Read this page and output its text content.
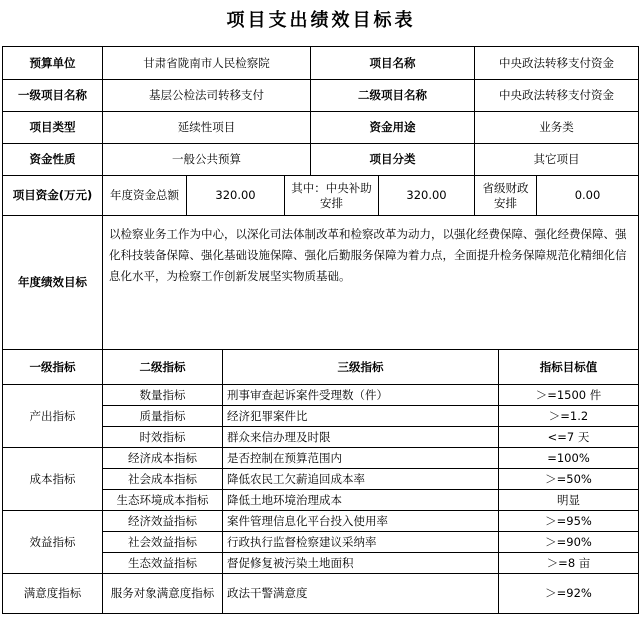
项目支出绩效目标表
预算单位	甘肃省陇南市人民检察院				项目名称		中央政法转移支付资金		
一级项目名称	基层公检法司转移支付				二级项目名称		中央政法转移支付资金		
项目类型	延续性项目				资金用途		业务类		
资金性质	一般公共预算				项目分类		其它项目		
项目资金(万元)	年度资金总额	320.00		其中：中央补助安排		320.00	省级财政安排		0.00
年度绩效目标	以检察业务工作为中心，以深化司法体制改革和检察改革为动力，以强化经费保障、强化经费保障、强化科技装备保障、强化基础设施保障、强化后勤服务保障为着力点，全面提升检务保障规范化精细化信息化水平，为检察工作创新发展坚实物质基础。								
一级指标	二级指标		三级指标					指标目标值	
产出指标	数量指标		刑事审查起诉案件受理数（件）					＞=1500 件	
	质量指标		经济犯罪案件比					＞=1.2	
	时效指标		群众来信办理及时限					<=7 天	
成本指标	经济成本指标		是否控制在预算范围内					=100%	
	社会成本指标		降低农民工欠薪追回成本率					＞=50%	
	生态环境成本指标		降低土地环境治理成本					明显	
效益指标	经济效益指标		案件管理信息化平台投入使用率					＞=95%	
	社会效益指标		行政执行监督检察建议采纳率					＞=90%	
	生态效益指标		督促修复被污染土地面积					＞=8 亩	
满意度指标	服务对象满意度指标		政法干警满意度					＞=92%	
